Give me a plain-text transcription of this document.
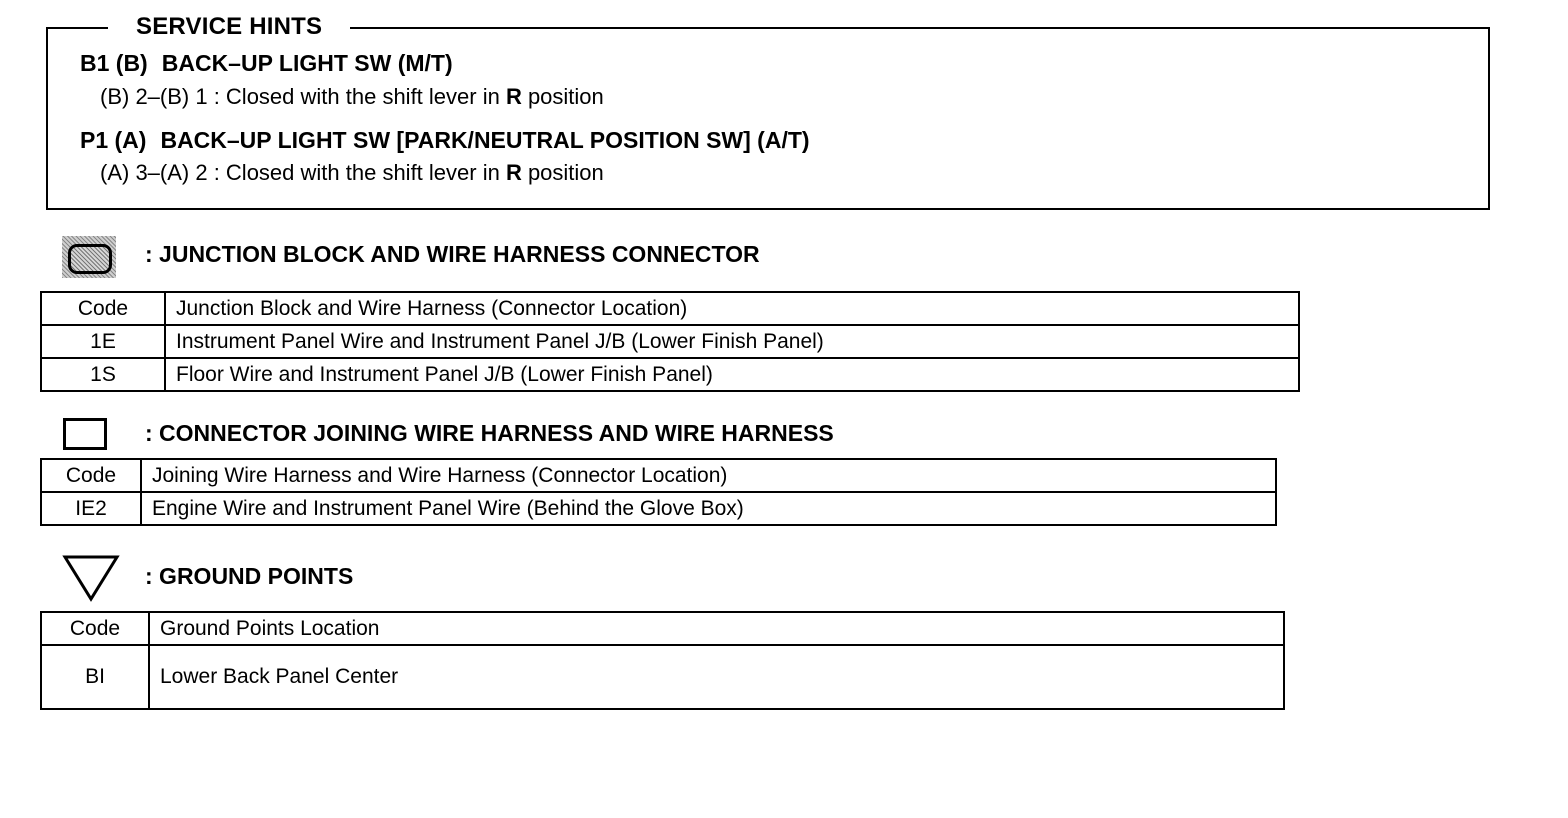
SERVICE HINTS
B1 (B) BACK–UP LIGHT SW (M/T)
(B) 2–(B) 1 : Closed with the shift lever in R position
P1 (A) BACK–UP LIGHT SW [PARK/NEUTRAL POSITION SW] (A/T)
(A) 3–(A) 2 : Closed with the shift lever in R position
: JUNCTION BLOCK AND WIRE HARNESS CONNECTOR
Code	Junction Block and Wire Harness (Connector Location)
1E	Instrument Panel Wire and Instrument Panel J/B (Lower Finish Panel)
1S	Floor Wire and Instrument Panel J/B (Lower Finish Panel)
: CONNECTOR JOINING WIRE HARNESS AND WIRE HARNESS
Code	Joining Wire Harness and Wire Harness (Connector Location)
IE2	Engine Wire and Instrument Panel Wire (Behind the Glove Box)
: GROUND POINTS
Code	Ground Points Location
BI	Lower Back Panel Center
